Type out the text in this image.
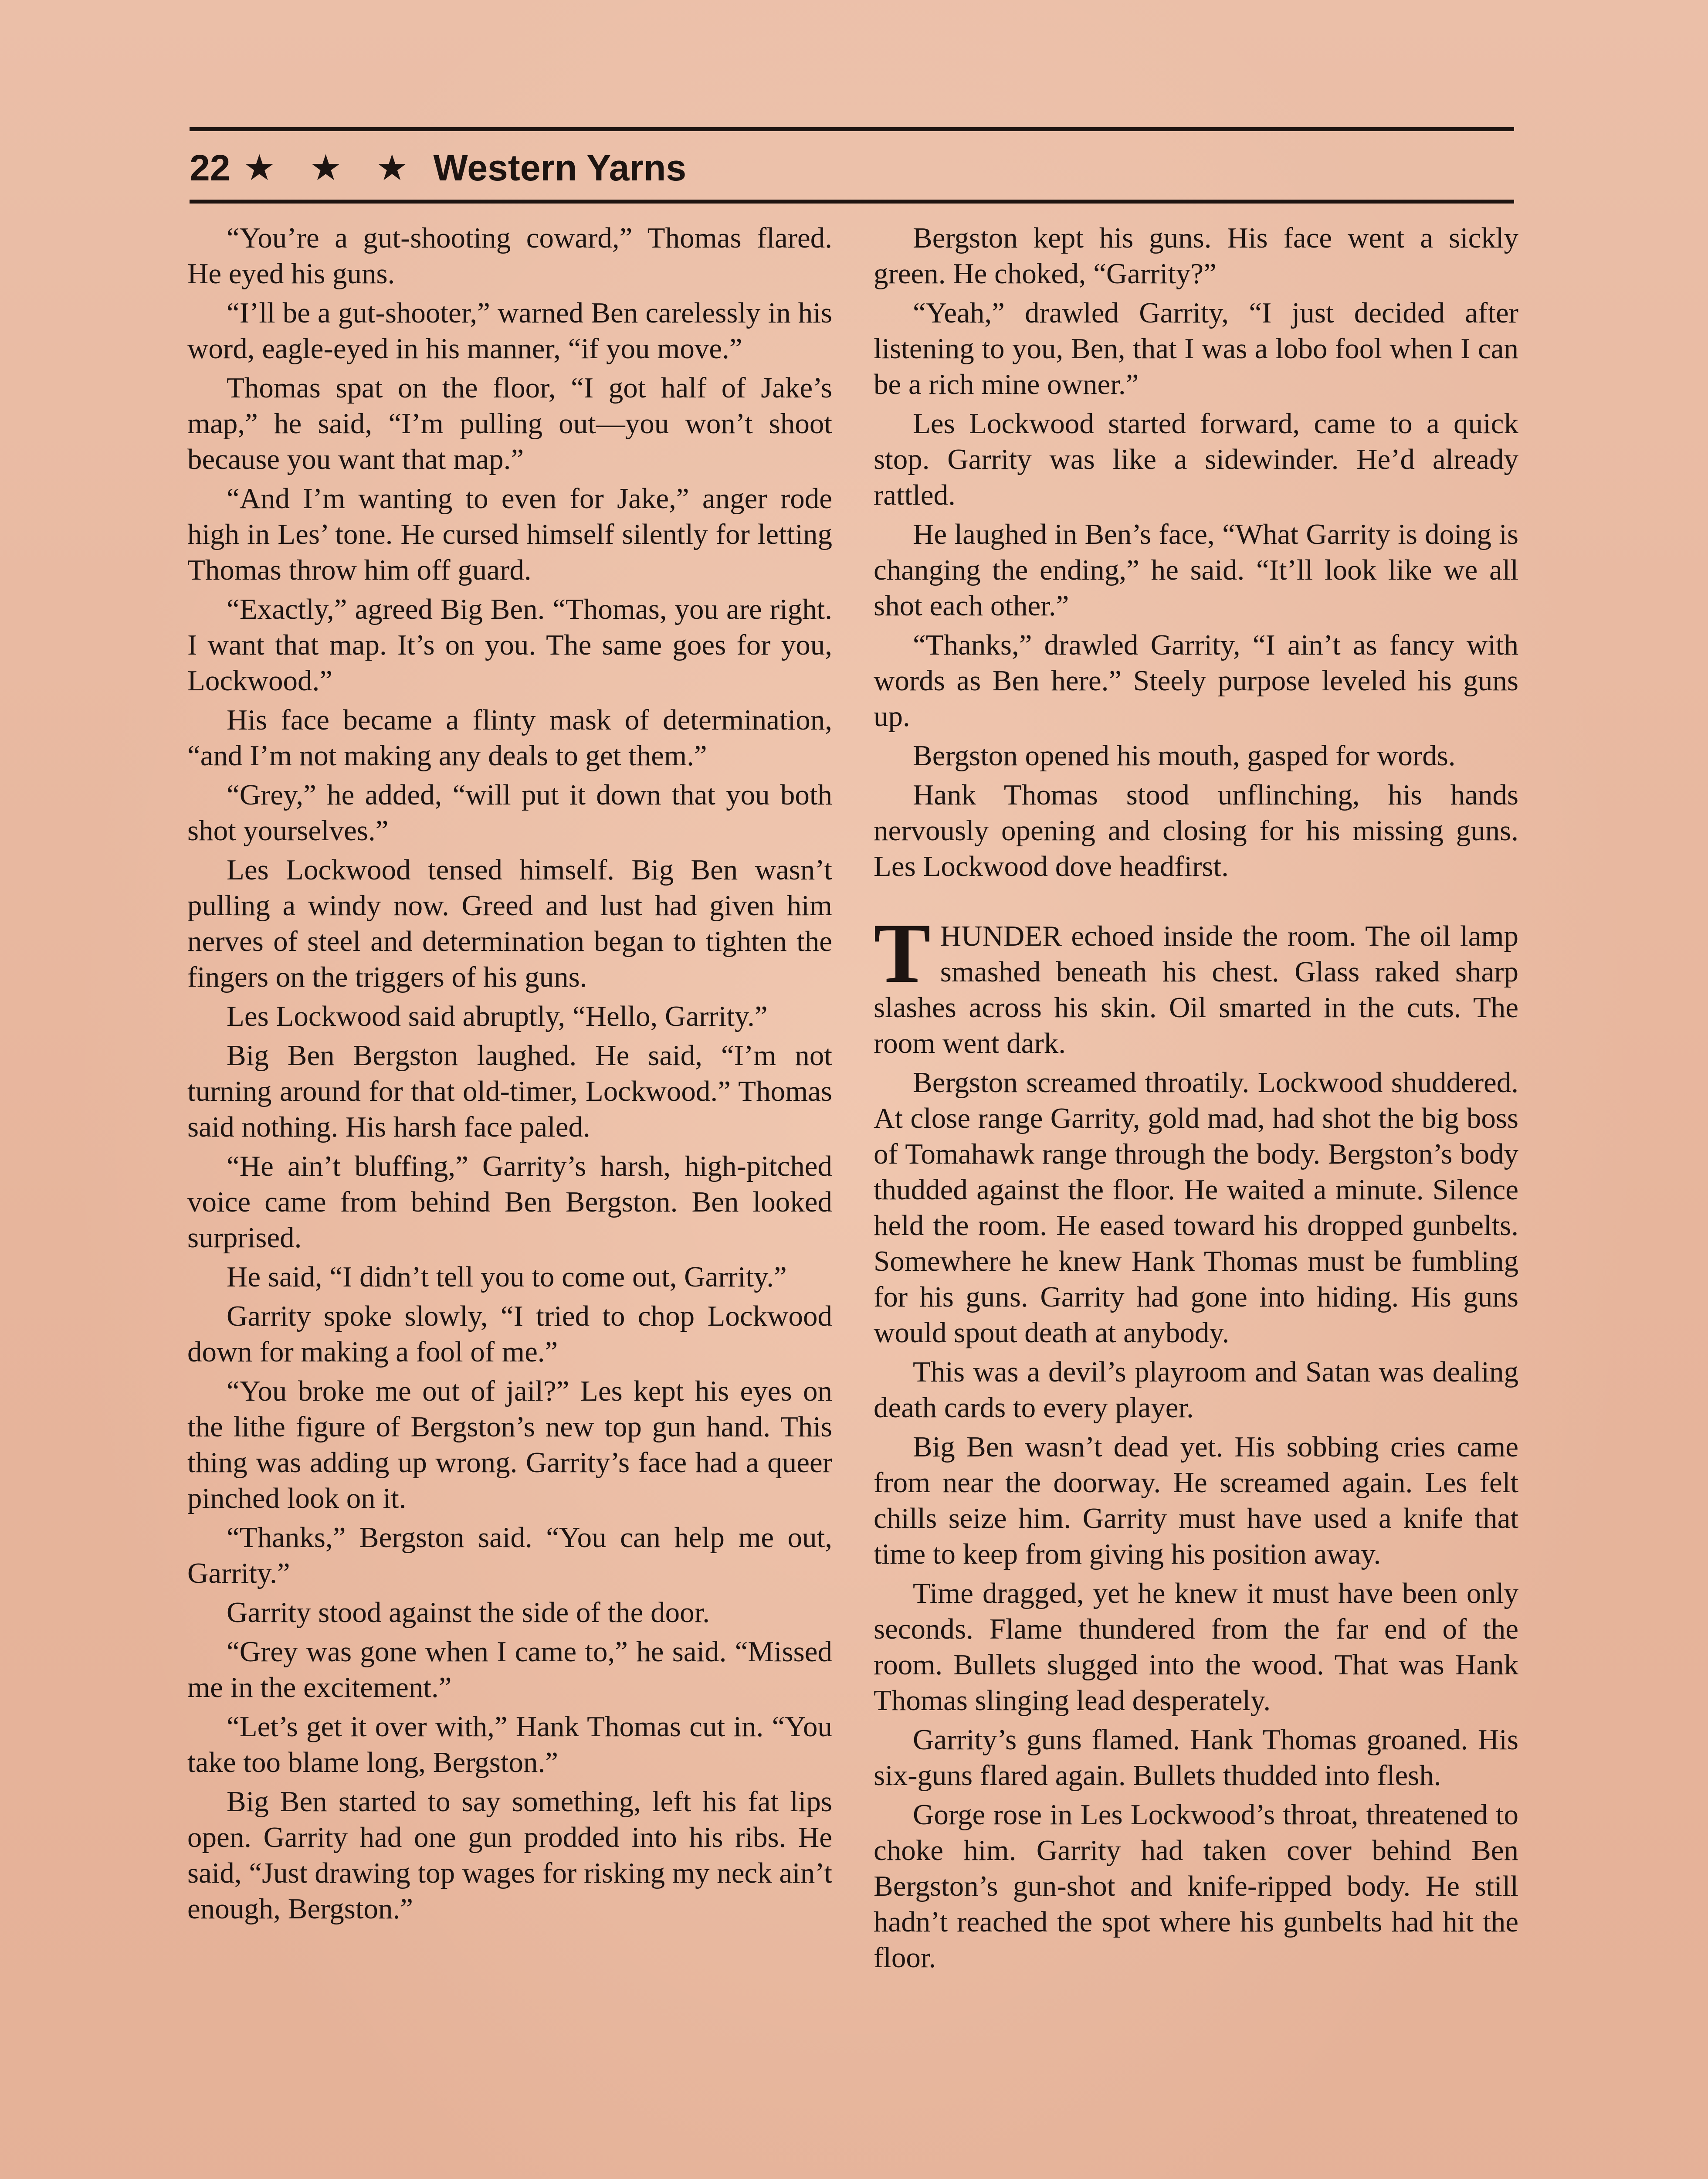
22 ★ ★ ★ Western Yarns

“You’re a gut-shooting coward,” Thomas flared. He eyed his guns.

“I’ll be a gut-shooter,” warned Ben carelessly in his word, eagle-eyed in his manner, “if you move.”

Thomas spat on the floor, “I got half of Jake’s map,” he said, “I’m pulling out—you won’t shoot because you want that map.”

“And I’m wanting to even for Jake,” anger rode high in Les’ tone. He cursed himself silently for letting Thomas throw him off guard.

“Exactly,” agreed Big Ben. “Thomas, you are right. I want that map. It’s on you. The same goes for you, Lockwood.”

His face became a flinty mask of determination, “and I’m not making any deals to get them.”

“Grey,” he added, “will put it down that you both shot yourselves.”

Les Lockwood tensed himself. Big Ben wasn’t pulling a windy now. Greed and lust had given him nerves of steel and determination began to tighten the fingers on the triggers of his guns.

Les Lockwood said abruptly, “Hello, Garrity.”

Big Ben Bergston laughed. He said, “I’m not turning around for that old-timer, Lockwood.” Thomas said nothing. His harsh face paled.

“He ain’t bluffing,” Garrity’s harsh, high-pitched voice came from behind Ben Bergston. Ben looked surprised.

He said, “I didn’t tell you to come out, Garrity.”

Garrity spoke slowly, “I tried to chop Lockwood down for making a fool of me.”

“You broke me out of jail?” Les kept his eyes on the lithe figure of Bergston’s new top gun hand. This thing was adding up wrong. Garrity’s face had a queer pinched look on it.

“Thanks,” Bergston said. “You can help me out, Garrity.”

Garrity stood against the side of the door.

“Grey was gone when I came to,” he said. “Missed me in the excitement.”

“Let’s get it over with,” Hank Thomas cut in. “You take too blame long, Bergston.”

Big Ben started to say something, left his fat lips open. Garrity had one gun prodded into his ribs. He said, “Just drawing top wages for risking my neck ain’t enough, Bergston.”

Bergston kept his guns. His face went a sickly green. He choked, “Garrity?”

“Yeah,” drawled Garrity, “I just decided after listening to you, Ben, that I was a lobo fool when I can be a rich mine owner.”

Les Lockwood started forward, came to a quick stop. Garrity was like a sidewinder. He’d already rattled.

He laughed in Ben’s face, “What Garrity is doing is changing the ending,” he said. “It’ll look like we all shot each other.”

“Thanks,” drawled Garrity, “I ain’t as fancy with words as Ben here.” Steely purpose leveled his guns up.

Bergston opened his mouth, gasped for words.

Hank Thomas stood unflinching, his hands nervously opening and closing for his missing guns. Les Lockwood dove headfirst.

THUNDER echoed inside the room. The oil lamp smashed beneath his chest. Glass raked sharp slashes across his skin. Oil smarted in the cuts. The room went dark.

Bergston screamed throatily. Lockwood shuddered. At close range Garrity, gold mad, had shot the big boss of Tomahawk range through the body. Bergston’s body thudded against the floor. He waited a minute. Silence held the room. He eased toward his dropped gunbelts. Somewhere he knew Hank Thomas must be fumbling for his guns. Garrity had gone into hiding. His guns would spout death at anybody.

This was a devil’s playroom and Satan was dealing death cards to every player.

Big Ben wasn’t dead yet. His sobbing cries came from near the doorway. He screamed again. Les felt chills seize him. Garrity must have used a knife that time to keep from giving his position away.

Time dragged, yet he knew it must have been only seconds. Flame thundered from the far end of the room. Bullets slugged into the wood. That was Hank Thomas slinging lead desperately.

Garrity’s guns flamed. Hank Thomas groaned. His six-guns flared again. Bullets thudded into flesh.

Gorge rose in Les Lockwood’s throat, threatened to choke him. Garrity had taken cover behind Ben Bergston’s gun-shot and knife-ripped body. He still hadn’t reached the spot where his gunbelts had hit the floor.
